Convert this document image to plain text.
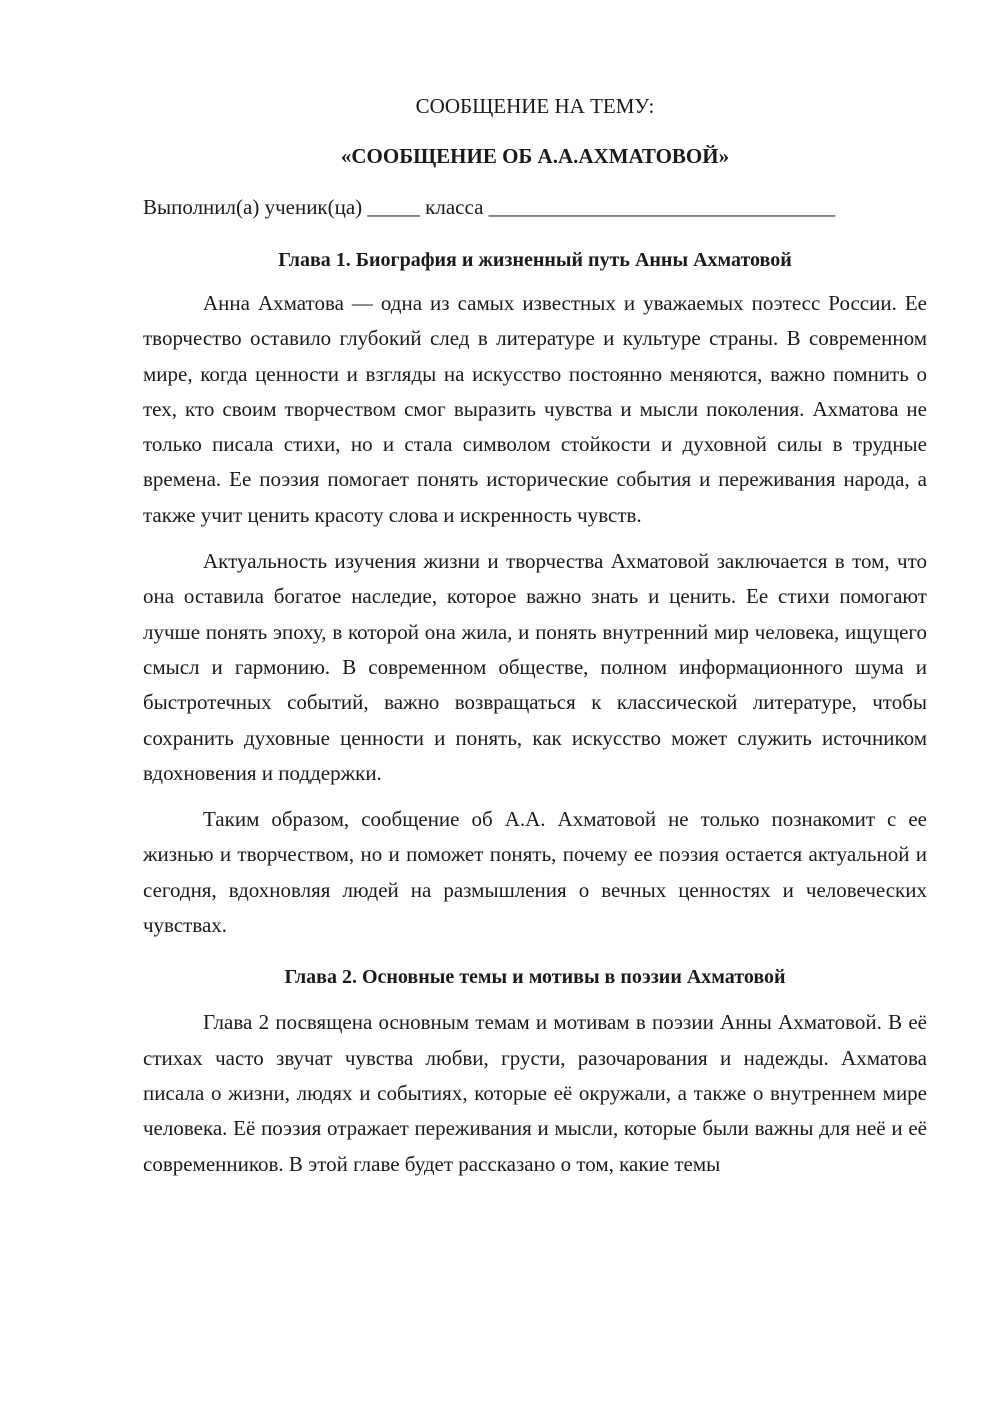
СООБЩЕНИЕ НА ТЕМУ:

«СООБЩЕНИЕ ОБ А.А.АХМАТОВОЙ»

Выполнил(а) ученик(ца) _____ класса _________________________________

Глава 1. Биография и жизненный путь Анны Ахматовой

Анна Ахматова — одна из самых известных и уважаемых поэтесс России. Ее творчество оставило глубокий след в литературе и культуре страны. В современном мире, когда ценности и взгляды на искусство постоянно меняются, важно помнить о тех, кто своим творчеством смог выразить чувства и мысли поколения. Ахматова не только писала стихи, но и стала символом стойкости и духовной силы в трудные времена. Ее поэзия помогает понять исторические события и переживания народа, а также учит ценить красоту слова и искренность чувств.

Актуальность изучения жизни и творчества Ахматовой заключается в том, что она оставила богатое наследие, которое важно знать и ценить. Ее стихи помогают лучше понять эпоху, в которой она жила, и понять внутренний мир человека, ищущего смысл и гармонию. В современном обществе, полном информационного шума и быстротечных событий, важно возвращаться к классической литературе, чтобы сохранить духовные ценности и понять, как искусство может служить источником вдохновения и поддержки.

Таким образом, сообщение об А.А. Ахматовой не только познакомит с ее жизнью и творчеством, но и поможет понять, почему ее поэзия остается актуальной и сегодня, вдохновляя людей на размышления о вечных ценностях и человеческих чувствах.

Глава 2. Основные темы и мотивы в поэзии Ахматовой

Глава 2 посвящена основным темам и мотивам в поэзии Анны Ахматовой. В её стихах часто звучат чувства любви, грусти, разочарования и надежды. Ахматова писала о жизни, людях и событиях, которые её окружали, а также о внутреннем мире человека. Её поэзия отражает переживания и мысли, которые были важны для неё и её современников. В этой главе будет рассказано о том, какие темы
